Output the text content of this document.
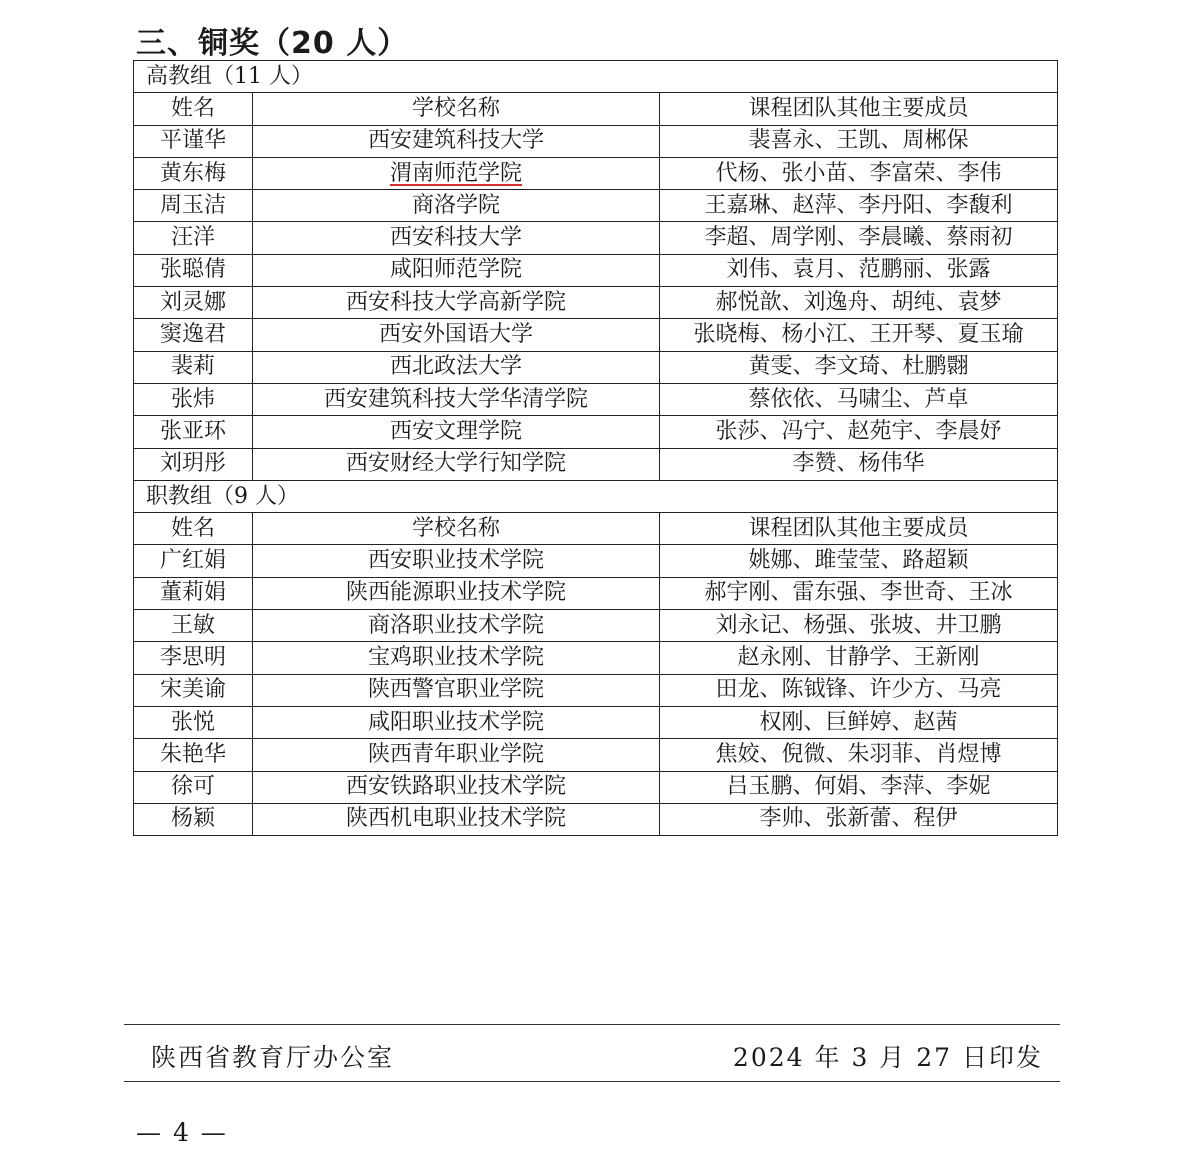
三、铜奖（20 人）
高教组（11 人）		
姓名	学校名称	课程团队其他主要成员
平谨华	西安建筑科技大学	裴喜永、王凯、周郴保
黄东梅	渭南师范学院	代杨、张小苗、李富荣、李伟
周玉洁	商洛学院	王嘉琳、赵萍、李丹阳、李馥利
汪洋	西安科技大学	李超、周学刚、李晨曦、蔡雨初
张聪倩	咸阳师范学院	刘伟、袁月、范鹏丽、张露
刘灵娜	西安科技大学高新学院	郝悦歆、刘逸舟、胡纯、袁梦
窦逸君	西安外国语大学	张晓梅、杨小江、王开琴、夏玉瑜
裴莉	西北政法大学	黄雯、李文琦、杜鹏翾
张炜	西安建筑科技大学华清学院	蔡依依、马啸尘、芦卓
张亚环	西安文理学院	张莎、冯宁、赵苑宇、李晨妤
刘玥彤	西安财经大学行知学院	李赞、杨伟华
职教组（9 人）		
姓名	学校名称	课程团队其他主要成员
广红娟	西安职业技术学院	姚娜、雎莹莹、路超颖
董莉娟	陕西能源职业技术学院	郝宇刚、雷东强、李世奇、王冰
王敏	商洛职业技术学院	刘永记、杨强、张坡、井卫鹏
李思明	宝鸡职业技术学院	赵永刚、甘静学、王新刚
宋美谕	陕西警官职业学院	田龙、陈钺锋、许少方、马亮
张悦	咸阳职业技术学院	权刚、巨鲜婷、赵茜
朱艳华	陕西青年职业学院	焦姣、倪微、朱羽菲、肖煜博
徐可	西安铁路职业技术学院	吕玉鹏、何娟、李萍、李妮
杨颖	陕西机电职业技术学院	李帅、张新蕾、程伊
陕西省教育厅办公室	2024 年 3 月 27 日印发
— 4 —
